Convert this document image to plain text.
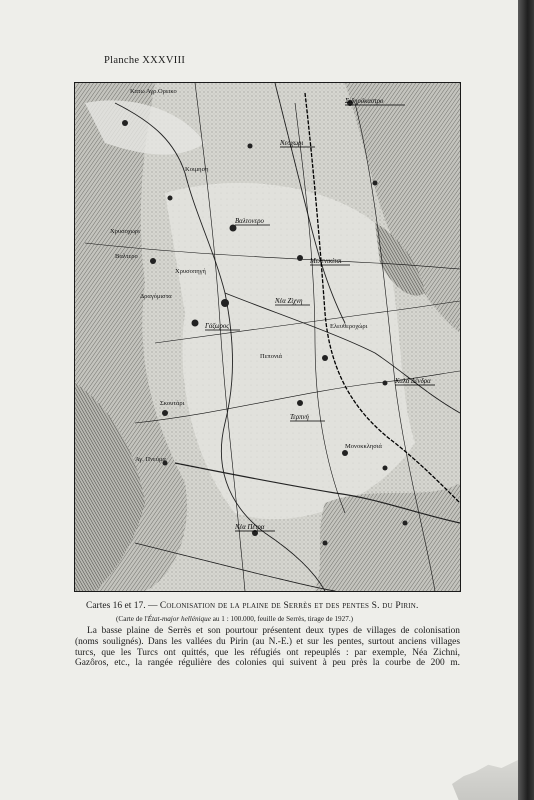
Planche XXXVIII
Κατω Αγρ.Ορεικο
Σιδηρόκαστρο
Νεοχωρι
Κοιμηση
Βαλτονερο
Χρυσοχωρι
Βαλτερο
Χρυσοπηγή
Μελενικίτσι
Δραγόμιστα
Νέα Ζίχνη
Γάζωρος
Καλά Δένδρα
Ελευθεροχώρι
Πεπονιά
Σκουτάρι
Τερπνή
Μονοκκλησιά
Νέα Πέτρα
Αγ. Πνεύμα
Cartes 16 et 17. — Colonisation de la plaine de Serrès et des pentes S. du Pirin.
(Carte de l'État-major hellénique au 1 : 100.000, feuille de Serrès, tirage de 1927.)
La basse plaine de Serrès et son pourtour présentent deux types de villages de colonisation
(noms soulignés). Dans les vallées du Pirin (au N.-E.) et sur les pentes, surtout anciens villages
turcs, que les Turcs ont quittés, que les réfugiés ont repeuplés : par exemple, Néa Zichni,
Gazôros, etc., la rangée régulière des colonies qui suivent à peu près la courbe de 200 m.
